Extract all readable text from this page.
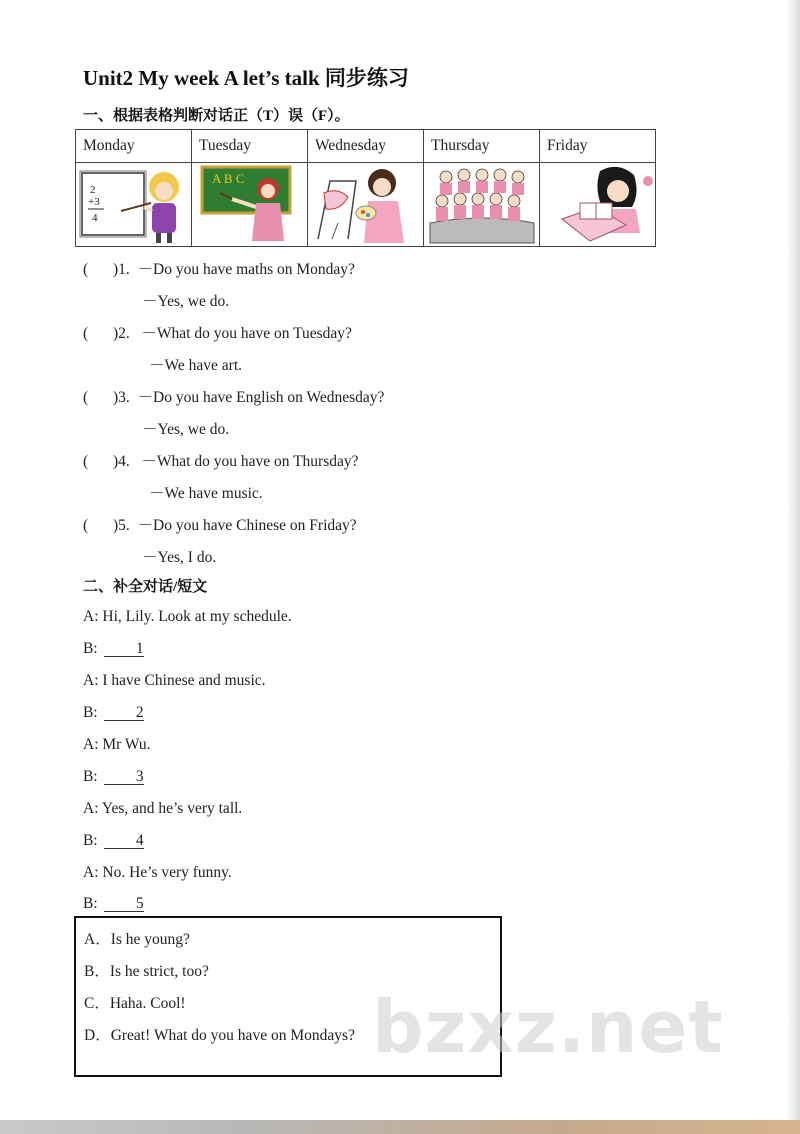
Unit2 My week A let’s talk 同步练习
一、根据表格判断对话正（T）误（F）。
Monday	Tuesday	Wednesday	Thursday	Friday

2
+3
4	A B C

( )1. －Do you have maths on Monday?
－Yes, we do.
( )2. －What do you have on Tuesday?
－We have art.
( )3. －Do you have English on Wednesday?
－Yes, we do.
( )4. －What do you have on Thursday?
－We have music.
( )5. －Do you have Chinese on Friday?
－Yes, I do.
二、补全对话/短文
A: Hi, Lily. Look at my schedule.
B: 1
A: I have Chinese and music.
B: 2
A: Mr Wu.
B: 3
A: Yes, and he’s very tall.
B: 4
A: No. He’s very funny.
B: 5
A．Is he young?
B．Is he strict, too?
C．Haha. Cool!
D．Great! What do you have on Mondays? bzxz.net
